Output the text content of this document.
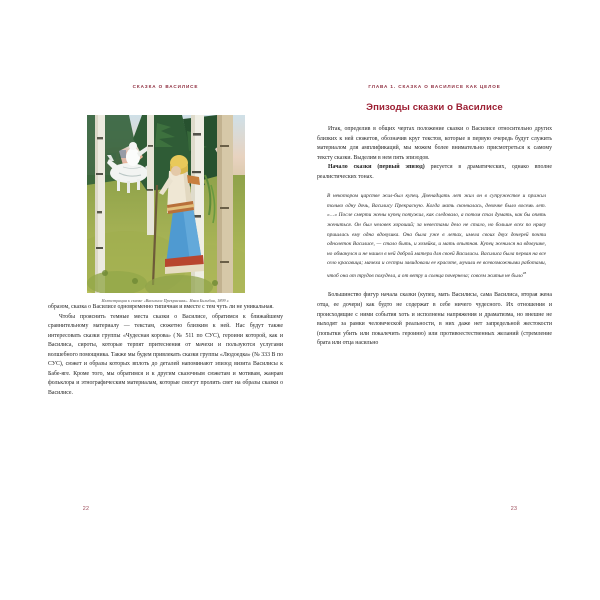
СКАЗКА О ВАСИЛИСЕ
Иллюстрация к сказке «Василиса Прекрасная». Иван Билибин, 1899 г.

образом, сказка о Василисе одновременно типичная и вместе с тем чуть ли не уникальная.

Чтобы прояснить темные места сказки о Василисе, обратимся к ближайшему сравнительному материалу — текстам, сюжетно близким к ней. Нас будут также интересовать сказки группы «Чудесная корова» (№ 511 по СУС), героини которой, как и Василиса, сироты, которые терпят притеснения от мачехи и пользуются услугами волшебного помощника. Также мы будем привлекать сказки группы «Людоедка» (№ 333 В по СУС), сюжет и образы которых вплоть до деталей напоминают эпизод визита Василисы к Бабе-яге. Кроме того, мы обратимся и к другим сказочным сюжетам и мотивам, жанрам фольклора и этнографическим материалам, которые смогут пролить свет на образы сказки о Василисе.

22
ГЛАВА 1. СКАЗКА О ВАСИЛИСЕ КАК ЦЕЛОЕ
Эпизоды сказки о Василисе

Итак, определив в общих чертах положение сказки о Василисе относительно других близких к ней сюжетов, обозначив круг текстов, которые в первую очередь будут служить материалом для амплификаций, мы можем более внимательно присмотреться к самому тексту сказки. Выделим в нем пять эпизодов.

Начало сказки (первый эпизод) рисуется в драматических, однако вполне реалистических тонах.

В некотором царстве жил-был купец. Двенадцать лет жил он в супружестве и прижил только одну дочь, Василису Прекрасную. Когда мать скончалась, девочке было восемь лет. «…» После смерти жены купец потужил, как следовало, а потом стал думать, как бы опять жениться. Он был человек хороший; за невестами дело не стало, но больше всех по нраву пришлась ему одна вдовушка. Она была уже в летах, имела своих двух дочерей почти однолеток Василисе, — стало быть, и хозяйка, и мать опытная. Купец женился на вдовушке, но обманулся и не нашел в ней доброй матери для своей Василисы. Василиса была первая на все село красавица; мачеха и сестры завидовали ее красоте, мучили ее всевозможными работами, чтоб она от трудов похудела, а от ветру и солнца почернела; совсем житья не было$^{28}$

Большинство фигур начала сказки (купец, мать Василисы, сама Василиса, вторая жена отца, ее дочери) как будто не содержат в себе ничего чудесного. Их отношения и происходящие с ними события хоть и исполнены напряжения и драматизма, но внешне не выходят за рамки человеческой реальности, в них даже нет запредельной жестокости (попытки убить или покалечить героиню) или противоестественных желаний (стремление брата или отца насильно

23
